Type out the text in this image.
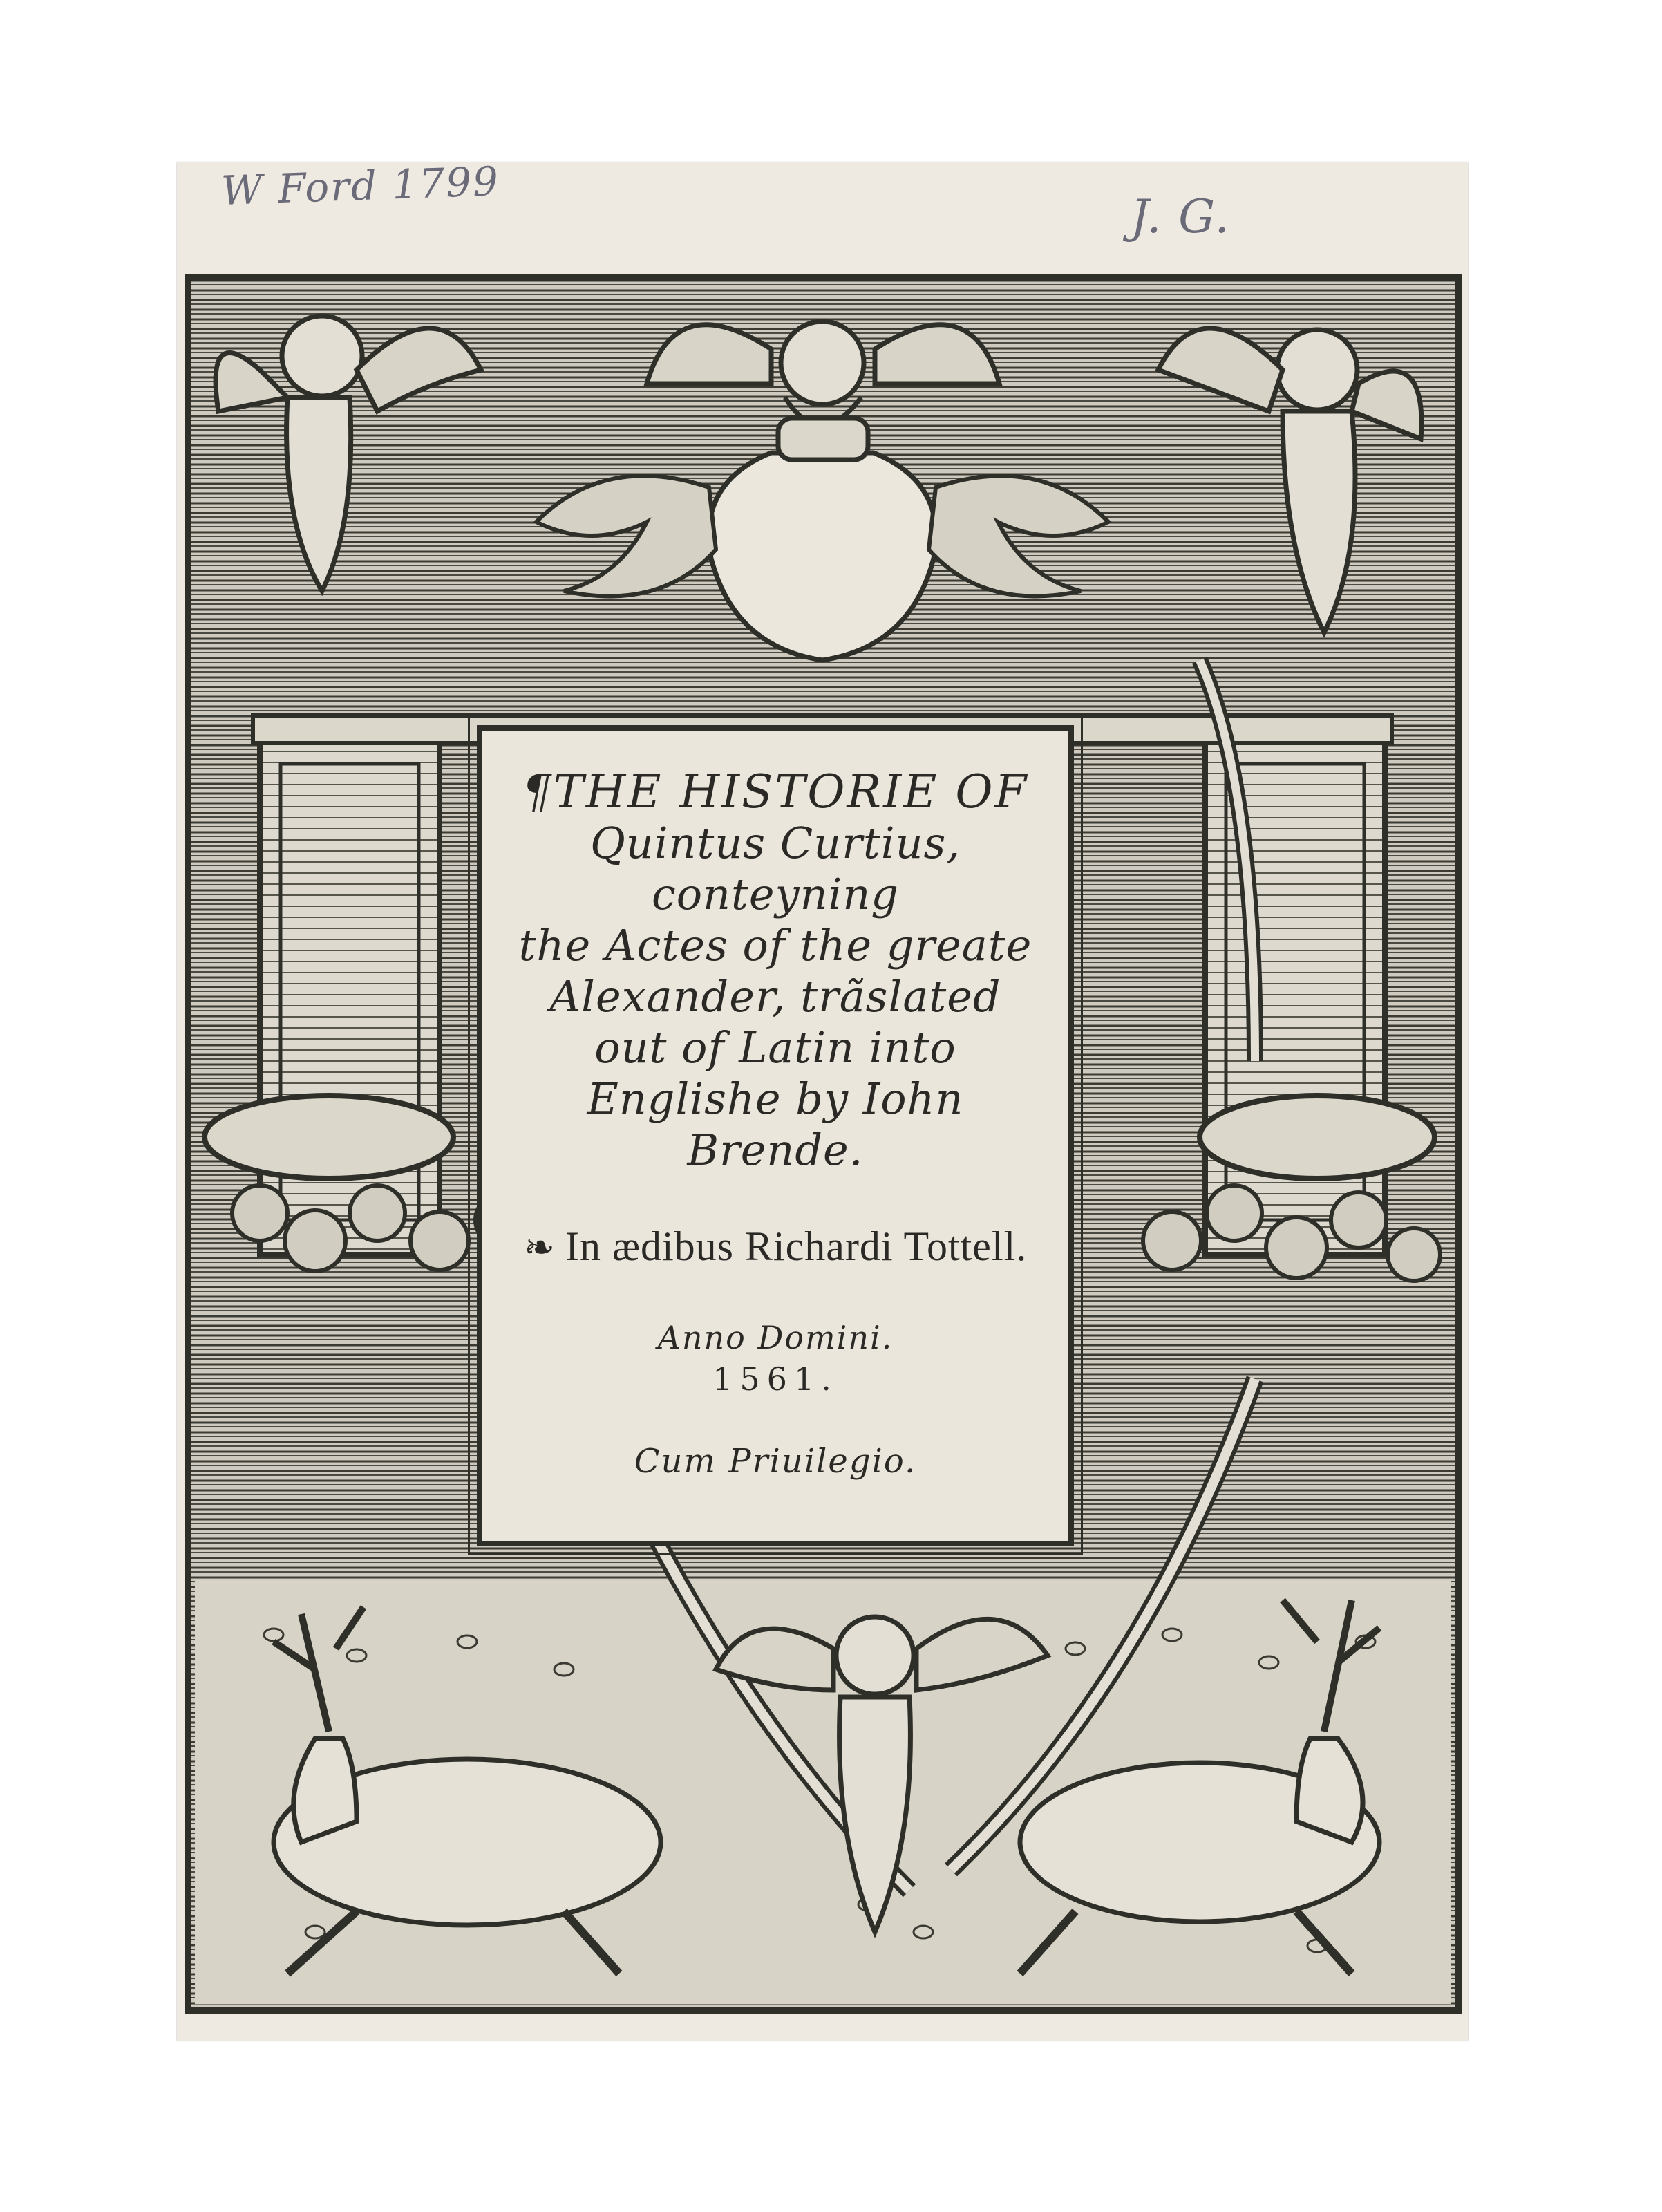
W Ford 1799
J. G.
¶THE HISTORIE OF
Quintus Curtius, conteyning
the Actes of the greate
Alexander, trãslated
out of Latin into
Englishe by Iohn
Brende.
❧ In ædibus Richardi Tottell.
Anno Domini.
1561.
Cum Priuilegio.
